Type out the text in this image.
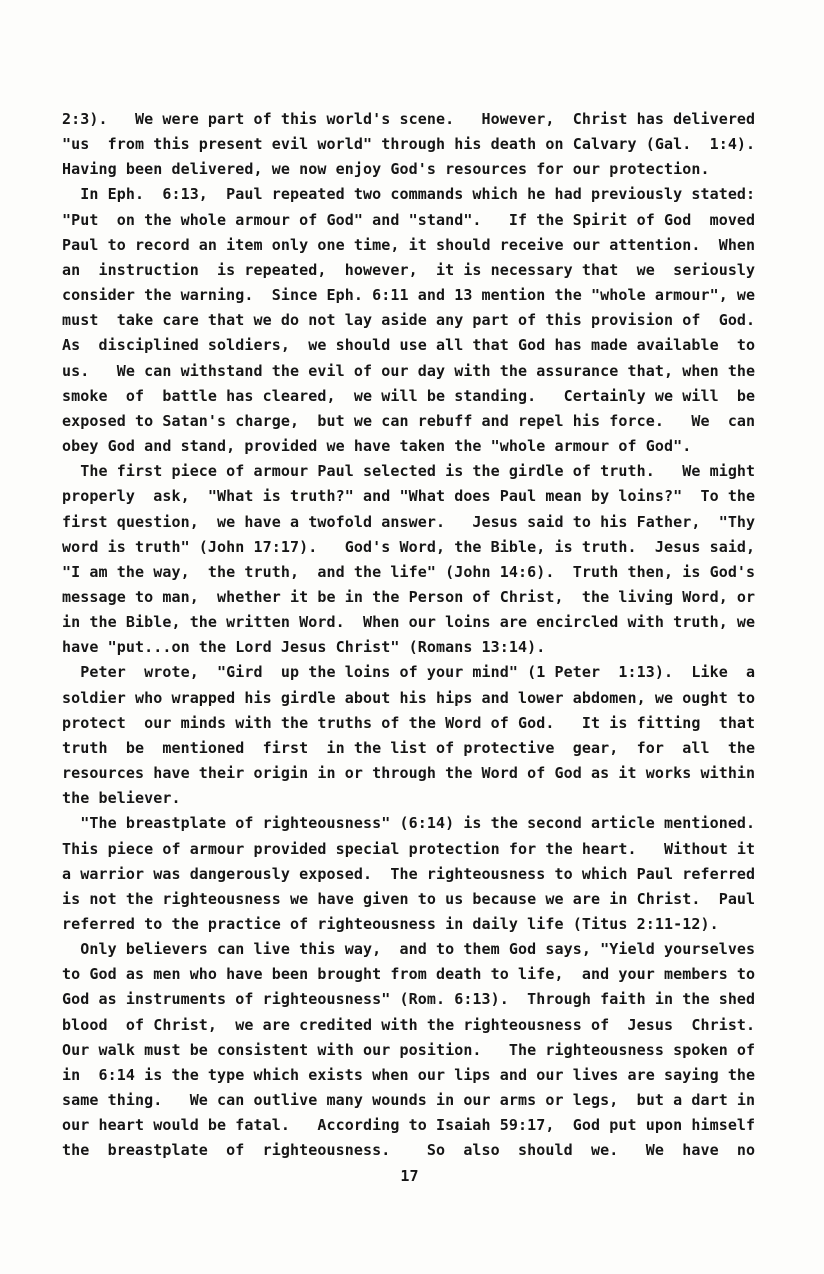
2:3).   We were part of this world's scene.   However,  Christ has delivered
"us  from this present evil world" through his death on Calvary (Gal.  1:4).
Having been delivered, we now enjoy God's resources for our protection.
In Eph.  6:13,  Paul repeated two commands which he had previously stated:
"Put  on the whole armour of God" and "stand".   If the Spirit of God  moved
Paul to record an item only one time, it should receive our attention.  When
an  instruction  is repeated,  however,  it is necessary that  we  seriously
consider the warning.  Since Eph. 6:11 and 13 mention the "whole armour", we
must  take care that we do not lay aside any part of this provision of  God.
As  disciplined soldiers,  we should use all that God has made available  to
us.   We can withstand the evil of our day with the assurance that, when the
smoke  of  battle has cleared,  we will be standing.   Certainly we will  be
exposed to Satan's charge,  but we can rebuff and repel his force.   We  can
obey God and stand, provided we have taken the "whole armour of God".
The first piece of armour Paul selected is the girdle of truth.   We might
properly  ask,  "What is truth?" and "What does Paul mean by loins?"  To the
first question,  we have a twofold answer.   Jesus said to his Father,  "Thy
word is truth" (John 17:17).   God's Word, the Bible, is truth.  Jesus said,
"I am the way,  the truth,  and the life" (John 14:6).  Truth then, is God's
message to man,  whether it be in the Person of Christ,  the living Word, or
in the Bible, the written Word.  When our loins are encircled with truth, we
have "put...on the Lord Jesus Christ" (Romans 13:14).
Peter  wrote,  "Gird  up the loins of your mind" (1 Peter  1:13).  Like  a
soldier who wrapped his girdle about his hips and lower abdomen, we ought to
protect  our minds with the truths of the Word of God.   It is fitting  that
truth  be  mentioned  first  in the list of protective  gear,  for  all  the
resources have their origin in or through the Word of God as it works within
the believer.
"The breastplate of righteousness" (6:14) is the second article mentioned.
This piece of armour provided special protection for the heart.   Without it
a warrior was dangerously exposed.  The righteousness to which Paul referred
is not the righteousness we have given to us because we are in Christ.  Paul
referred to the practice of righteousness in daily life (Titus 2:11-12).
Only believers can live this way,  and to them God says, "Yield yourselves
to God as men who have been brought from death to life,  and your members to
God as instruments of righteousness" (Rom. 6:13).  Through faith in the shed
blood  of Christ,  we are credited with the righteousness of  Jesus  Christ.
Our walk must be consistent with our position.   The righteousness spoken of
in  6:14 is the type which exists when our lips and our lives are saying the
same thing.   We can outlive many wounds in our arms or legs,  but a dart in
our heart would be fatal.   According to Isaiah 59:17,  God put upon himself
the  breastplate  of  righteousness.    So  also  should  we.   We  have  no
17
